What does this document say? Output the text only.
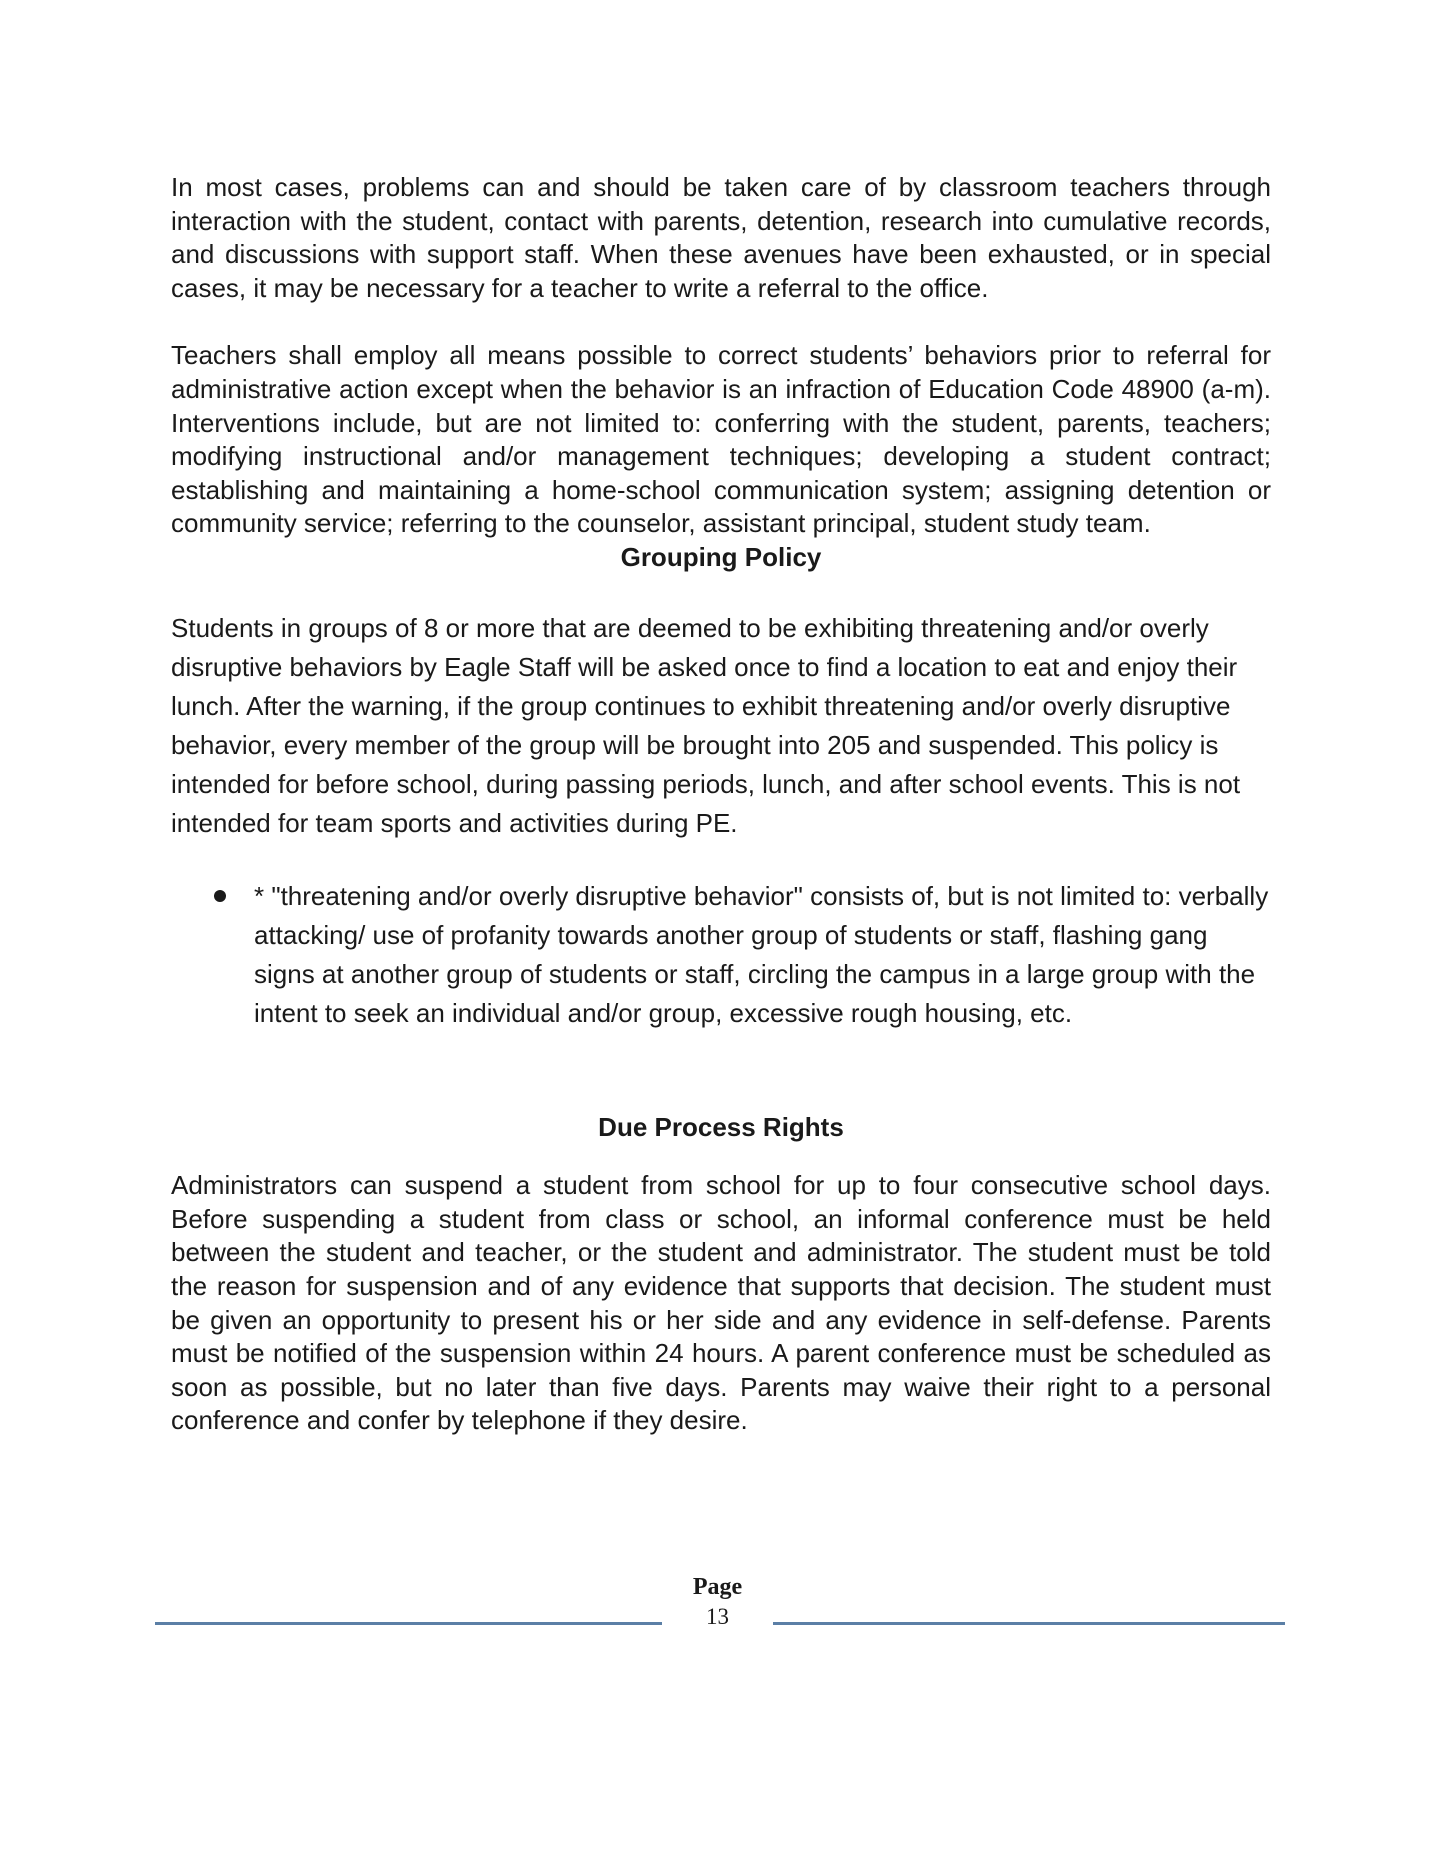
In most cases, problems can and should be taken care of by classroom teachers through interaction with the student, contact with parents, detention, research into cumulative records, and discussions with support staff. When these avenues have been exhausted, or in special cases, it may be necessary for a teacher to write a referral to the office.

Teachers shall employ all means possible to correct students’ behaviors prior to referral for administrative action except when the behavior is an infraction of Education Code 48900 (a-m). Interventions include, but are not limited to: conferring with the student, parents, teachers; modifying instructional and/or management techniques; developing a student contract; establishing and maintaining a home-school communication system; assigning detention or community service; referring to the counselor, assistant principal, student study team.

Grouping Policy

Students in groups of 8 or more that are deemed to be exhibiting threatening and/or overly disruptive behaviors by Eagle Staff will be asked once to find a location to eat and enjoy their lunch. After the warning, if the group continues to exhibit threatening and/or overly disruptive behavior, every member of the group will be brought into 205 and suspended. This policy is intended for before school, during passing periods, lunch, and after school events. This is not intended for team sports and activities during PE.

* "threatening and/or overly disruptive behavior" consists of, but is not limited to: verbally attacking/ use of profanity towards another group of students or staff, flashing gang signs at another group of students or staff, circling the campus in a large group with the intent to seek an individual and/or group, excessive rough housing, etc.
Due Process Rights

Administrators can suspend a student from school for up to four consecutive school days. Before suspending a student from class or school, an informal conference must be held between the student and teacher, or the student and administrator. The student must be told the reason for suspension and of any evidence that supports that decision. The student must be given an opportunity to present his or her side and any evidence in self-defense. Parents must be notified of the suspension within 24 hours. A parent conference must be scheduled as soon as possible, but no later than five days. Parents may waive their right to a personal conference and confer by telephone if they desire.

Page
13
